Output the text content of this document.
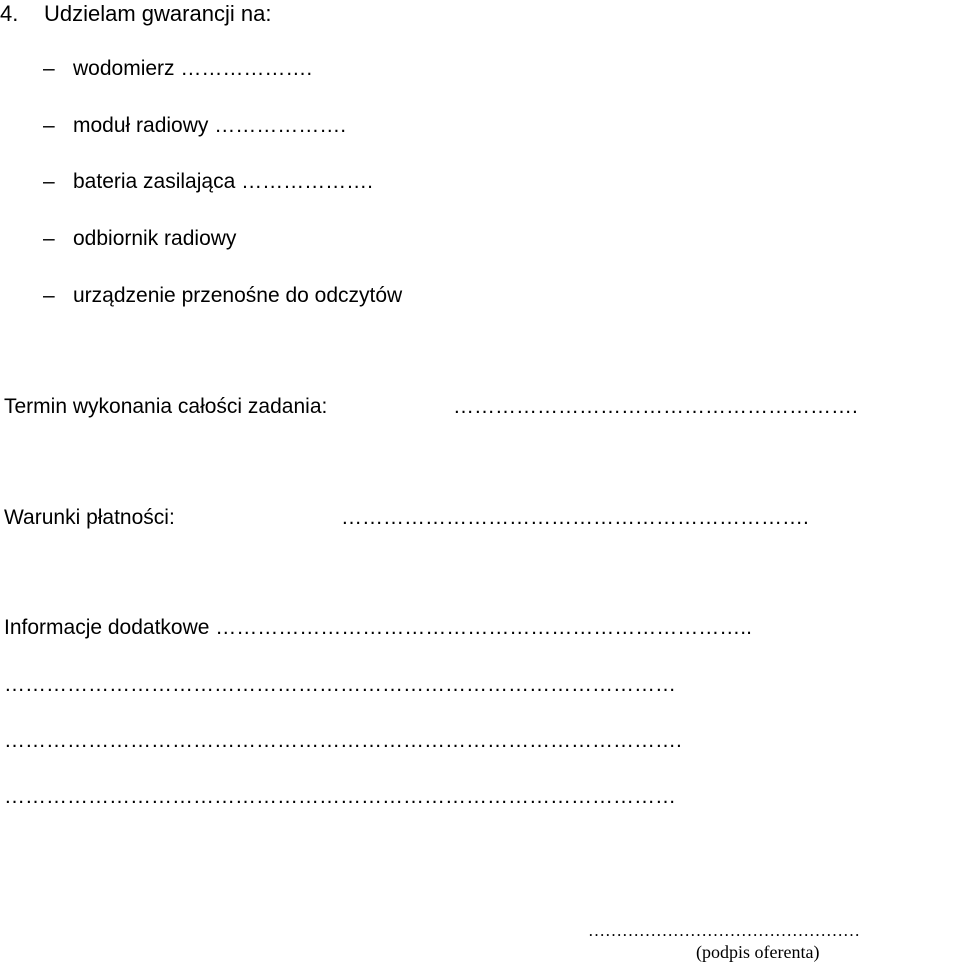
4. Udzielam gwarancji na:
– wodomierz ……………….
– moduł radiowy ……………….
– bateria zasilająca ……………….
– odbiornik radiowy
– urządzenie przenośne do odczytów
Termin wykonania całości zadania:	………………………………………………….
Warunki płatności:	………………………………………………………….
Informacje dodatkowe …………………………………………………………………..
……………………………………………………………………………………
…………………………………………………………………………………….
……………………………………………………………………………………
…………………………………………
(podpis oferenta)
